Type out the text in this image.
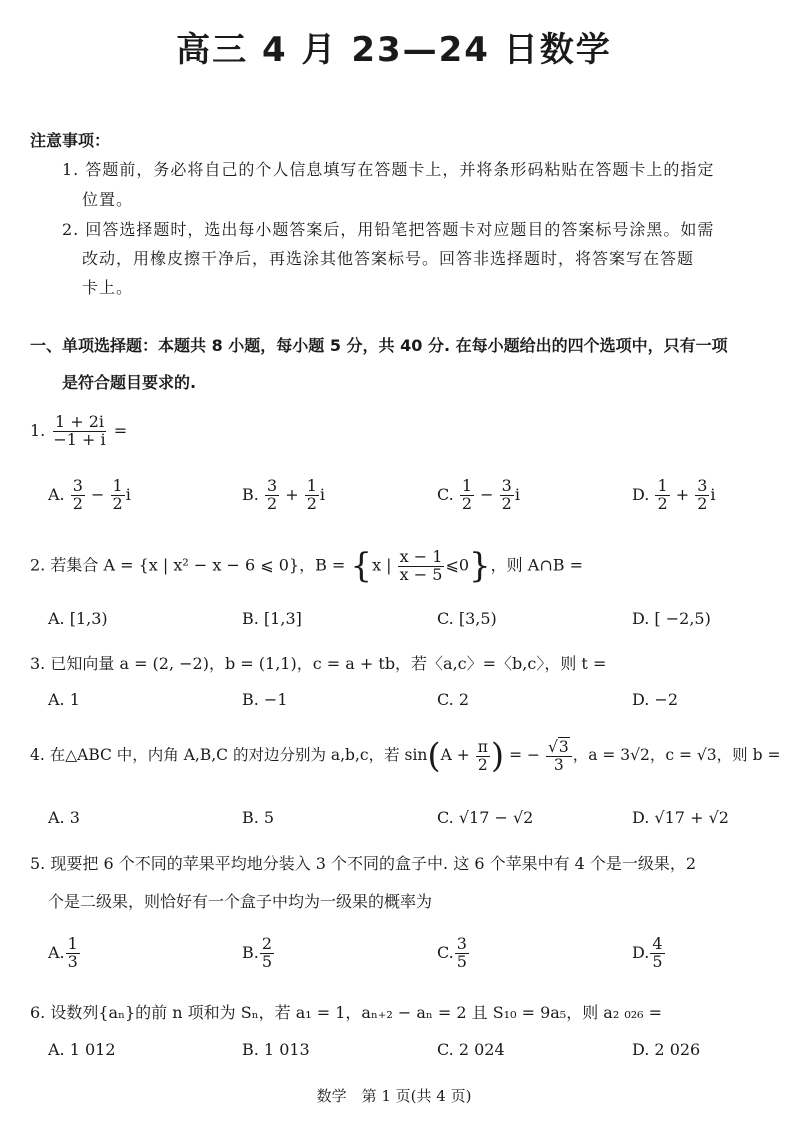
高三 4 月 23—24 日数学
注意事项：
1. 答题前，务必将自己的个人信息填写在答题卡上，并将条形码粘贴在答题卡上的指定
位置。
2. 回答选择题时，选出每小题答案后，用铅笔把答题卡对应题目的答案标号涂黑。如需
改动，用橡皮擦干净后，再选涂其他答案标号。回答非选择题时，将答案写在答题
卡上。
一、单项选择题：本题共 8 小题，每小题 5 分，共 40 分. 在每小题给出的四个选项中，只有一项
是符合题目要求的.
1. $\frac{1 + 2i}{-1 + i}$ =
A. $\frac{3}{2} - \frac{1}{2}$ i	B. $\frac{3}{2} + \frac{1}{2}$ i	C. $\frac{1}{2} - \frac{3}{2}$ i	D. $\frac{1}{2} + \frac{3}{2}$ i
2. 若集合 A = {x | x² − x − 6 ⩽ 0}，B = {x | $\frac{x - 1}{x - 5}$ ⩽0}，则 A∩B =
A. [1,3)	B. [1,3]	C. [3,5)	D. [ −2,5)
3. 已知向量 a = (2, −2)，b = (1,1)，c = a + tb，若〈a,c〉=〈b,c〉，则 t =
A. 1	B. −1	C. 2	D. −2
4. 在△ABC 中，内角 A,B,C 的对边分别为 a,b,c，若 $\sin(A + \frac{\pi}{2}$ ) = − $\frac{√3}{3}$ ，a = 3√2，c = √3，则 b =
A. 3	B. 5	C. √17 − √2	D. √17 + √2
5. 现要把 6 个不同的苹果平均地分装入 3 个不同的盒子中. 这 6 个苹果中有 4 个是一级果，2
个是二级果，则恰好有一个盒子中均为一级果的概率为
A. $\frac{1}{3}$	B. $\frac{2}{5}$	C. $\frac{3}{5}$	D. $\frac{4}{5}$
6. 设数列{aₙ}的前 n 项和为 Sₙ，若 a₁ = 1，aₙ₊₂ − aₙ = 2 且 S₁₀ = 9a₅，则 a₂ ₀₂₆ =
A. 1 012	B. 1 013	C. 2 024	D. 2 026
数学　第 1 页(共 4 页)
